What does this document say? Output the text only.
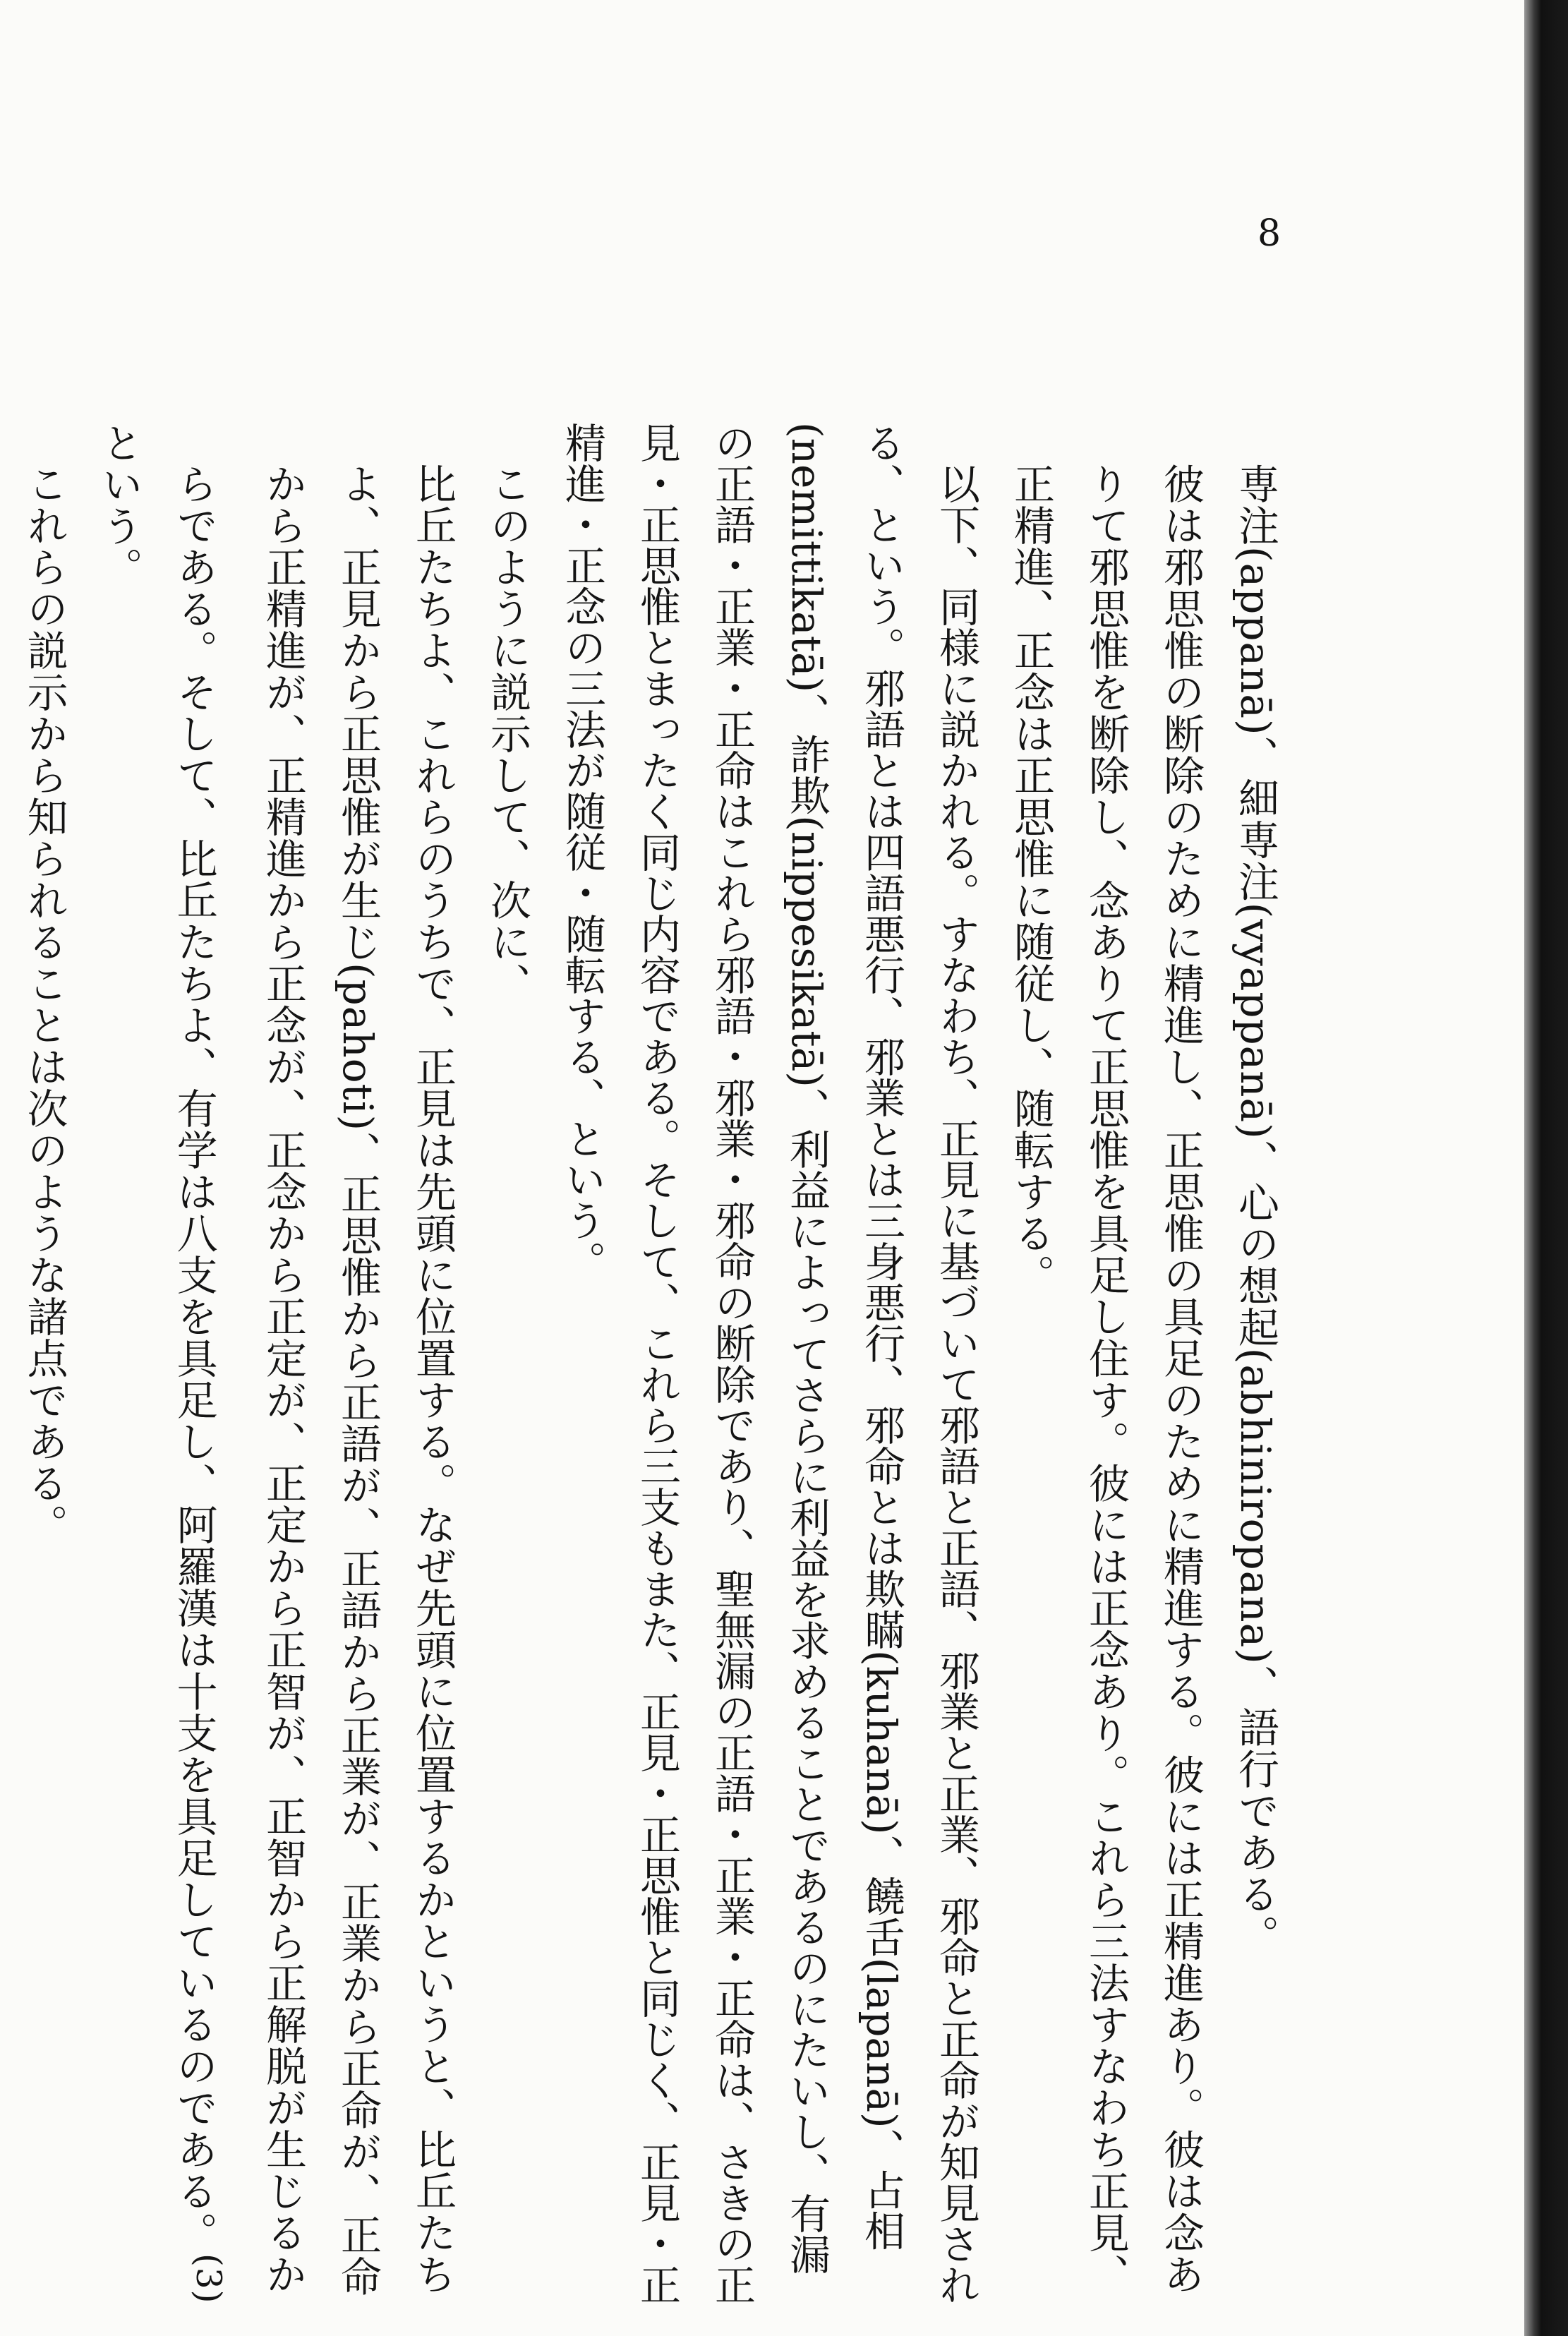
8

専注(appanā)、細専注(vyappanā)、心の想起(abhiniropana)、語行である。

彼は邪思惟の断除のために精進し、正思惟の具足のために精進する。彼には正精進あり。彼は念ありて邪思惟を断除し、念ありて正思惟を具足し住す。彼には正念あり。これら三法すなわち正見、正精進、正念は正思惟に随従し、随転する。

以下、同様に説かれる。すなわち、正見に基づいて邪語と正語、邪業と正業、邪命と正命が知見される、という。邪語とは四語悪行、邪業とは三身悪行、邪命とは欺瞞(kuhanā)、饒舌(lapanā)、占相(nemittikatā)、詐欺(nippesikatā)、利益によってさらに利益を求めることであるのにたいし、有漏の正語・正業・正命はこれら邪語・邪業・邪命の断除であり、聖無漏の正語・正業・正命は、さきの正見・正思惟とまったく同じ内容である。そして、これら三支もまた、正見・正思惟と同じく、正見・正精進・正念の三法が随従・随転する、という。

このように説示して、次に、

比丘たちよ、これらのうちで、正見は先頭に位置する。なぜ先頭に位置するかというと、比丘たちよ、正見から正思惟が生じ(pahoti)、正思惟から正語が、正語から正業が、正業から正命が、正命から正精進が、正精進から正念が、正念から正定が、正定から正智が、正智から正解脱が生じるからである。そして、比丘たちよ、有学は八支を具足し、阿羅漢は十支を具足しているのである。$^{(3)}$

という。

これらの説示から知られることは次のような諸点である。
